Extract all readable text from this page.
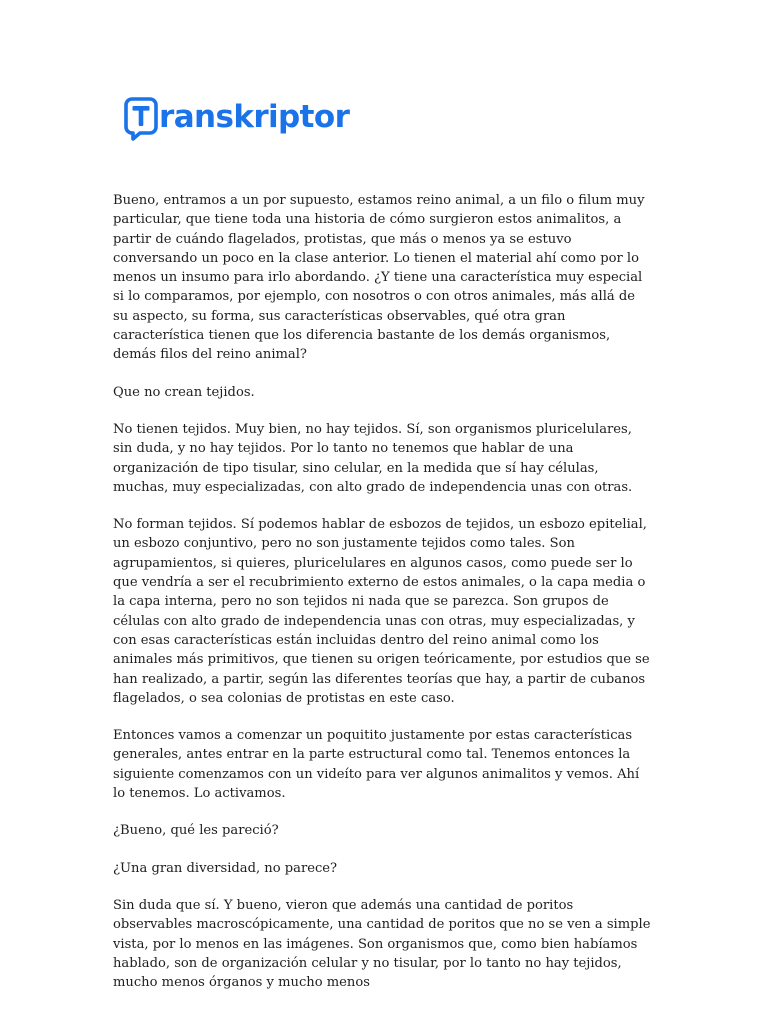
ranskriptor

Bueno, entramos a un por supuesto, estamos reino animal, a un filo o filum muy particular, que tiene toda una historia de cómo surgieron estos animalitos, a partir de cuándo flagelados, protistas, que más o menos ya se estuvo conversando un poco en la clase anterior. Lo tienen el material ahí como por lo menos un insumo para irlo abordando. ¿Y tiene una característica muy especial si lo comparamos, por ejemplo, con nosotros o con otros animales, más allá de su aspecto, su forma, sus características observables, qué otra gran característica tienen que los diferencia bastante de los demás organismos, demás filos del reino animal?

Que no crean tejidos.

No tienen tejidos. Muy bien, no hay tejidos. Sí, son organismos pluricelulares, sin duda, y no hay tejidos. Por lo tanto no tenemos que hablar de una organización de tipo tisular, sino celular, en la medida que sí hay células, muchas, muy especializadas, con alto grado de independencia unas con otras.

No forman tejidos. Sí podemos hablar de esbozos de tejidos, un esbozo epitelial, un esbozo conjuntivo, pero no son justamente tejidos como tales. Son agrupamientos, si quieres, pluricelulares en algunos casos, como puede ser lo que vendría a ser el recubrimiento externo de estos animales, o la capa media o la capa interna, pero no son tejidos ni nada que se parezca. Son grupos de células con alto grado de independencia unas con otras, muy especializadas, y con esas características están incluidas dentro del reino animal como los animales más primitivos, que tienen su origen teóricamente, por estudios que se han realizado, a partir, según las diferentes teorías que hay, a partir de cubanos flagelados, o sea colonias de protistas en este caso.

Entonces vamos a comenzar un poquitito justamente por estas características generales, antes entrar en la parte estructural como tal. Tenemos entonces la siguiente comenzamos con un videíto para ver algunos animalitos y vemos. Ahí lo tenemos. Lo activamos.

¿Bueno, qué les pareció?

¿Una gran diversidad, no parece?

Sin duda que sí. Y bueno, vieron que además una cantidad de poritos observables macroscópicamente, una cantidad de poritos que no se ven a simple vista, por lo menos en las imágenes. Son organismos que, como bien habíamos hablado, son de organización celular y no tisular, por lo tanto no hay tejidos, mucho menos órganos y mucho menos
